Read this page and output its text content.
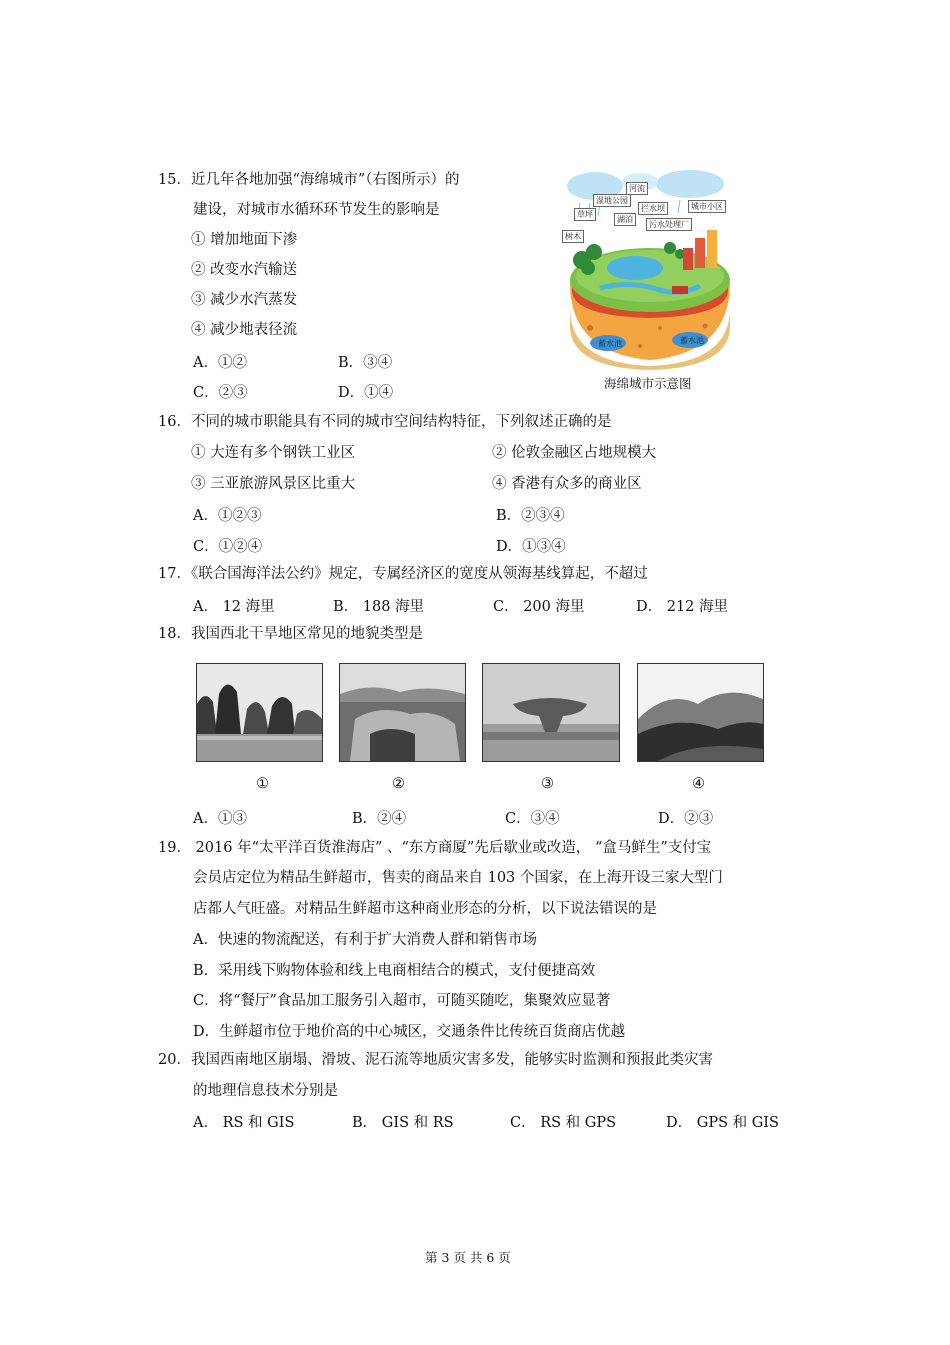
15．近几年各地加强“海绵城市”（右图所示）的
建设，对城市水循环环节发生的影响是
① 增加地面下渗
② 改变水汽输送
③ 减少水汽蒸发
④ 减少地表径流
A．①②	B．③④
C．②③	D．①④
河流
湿地公园
拦水坝	城市小区
草坪
湖泊
污水处理厂
树木
蓄水池	蓄水池
海绵城市示意图
16．不同的城市职能具有不同的城市空间结构特征，下列叙述正确的是
① 大连有多个钢铁工业区	② 伦敦金融区占地规模大
③ 三亚旅游风景区比重大	④ 香港有众多的商业区
A．①②③	B．②③④
C．①②④	D．①③④
17．《联合国海洋法公约》规定，专属经济区的宽度从领海基线算起，不超过
A． 12 海里	B． 188 海里	C． 200 海里	D． 212 海里
18．我国西北干旱地区常见的地貌类型是
①	②	③	④
A．①③	B．②④	C．③④	D．②③
19． 2016 年“太平洋百货淮海店” 、“东方商厦”先后歇业或改造， “盒马鲜生”支付宝
会员店定位为精品生鲜超市，售卖的商品来自 103 个国家，在上海开设三家大型门
店都人气旺盛。对精品生鲜超市这种商业形态的分析，以下说法错误的是
A．快速的物流配送，有利于扩大消费人群和销售市场
B．采用线下购物体验和线上电商相结合的模式，支付便捷高效
C．将“餐厅”食品加工服务引入超市，可随买随吃，集聚效应显著
D．生鲜超市位于地价高的中心城区，交通条件比传统百货商店优越
20．我国西南地区崩塌、滑坡、泥石流等地质灾害多发，能够实时监测和预报此类灾害
的地理信息技术分别是
A． RS 和 GIS	B． GIS 和 RS	C． RS 和 GPS	D． GPS 和 GIS
第 3 页 共 6 页
